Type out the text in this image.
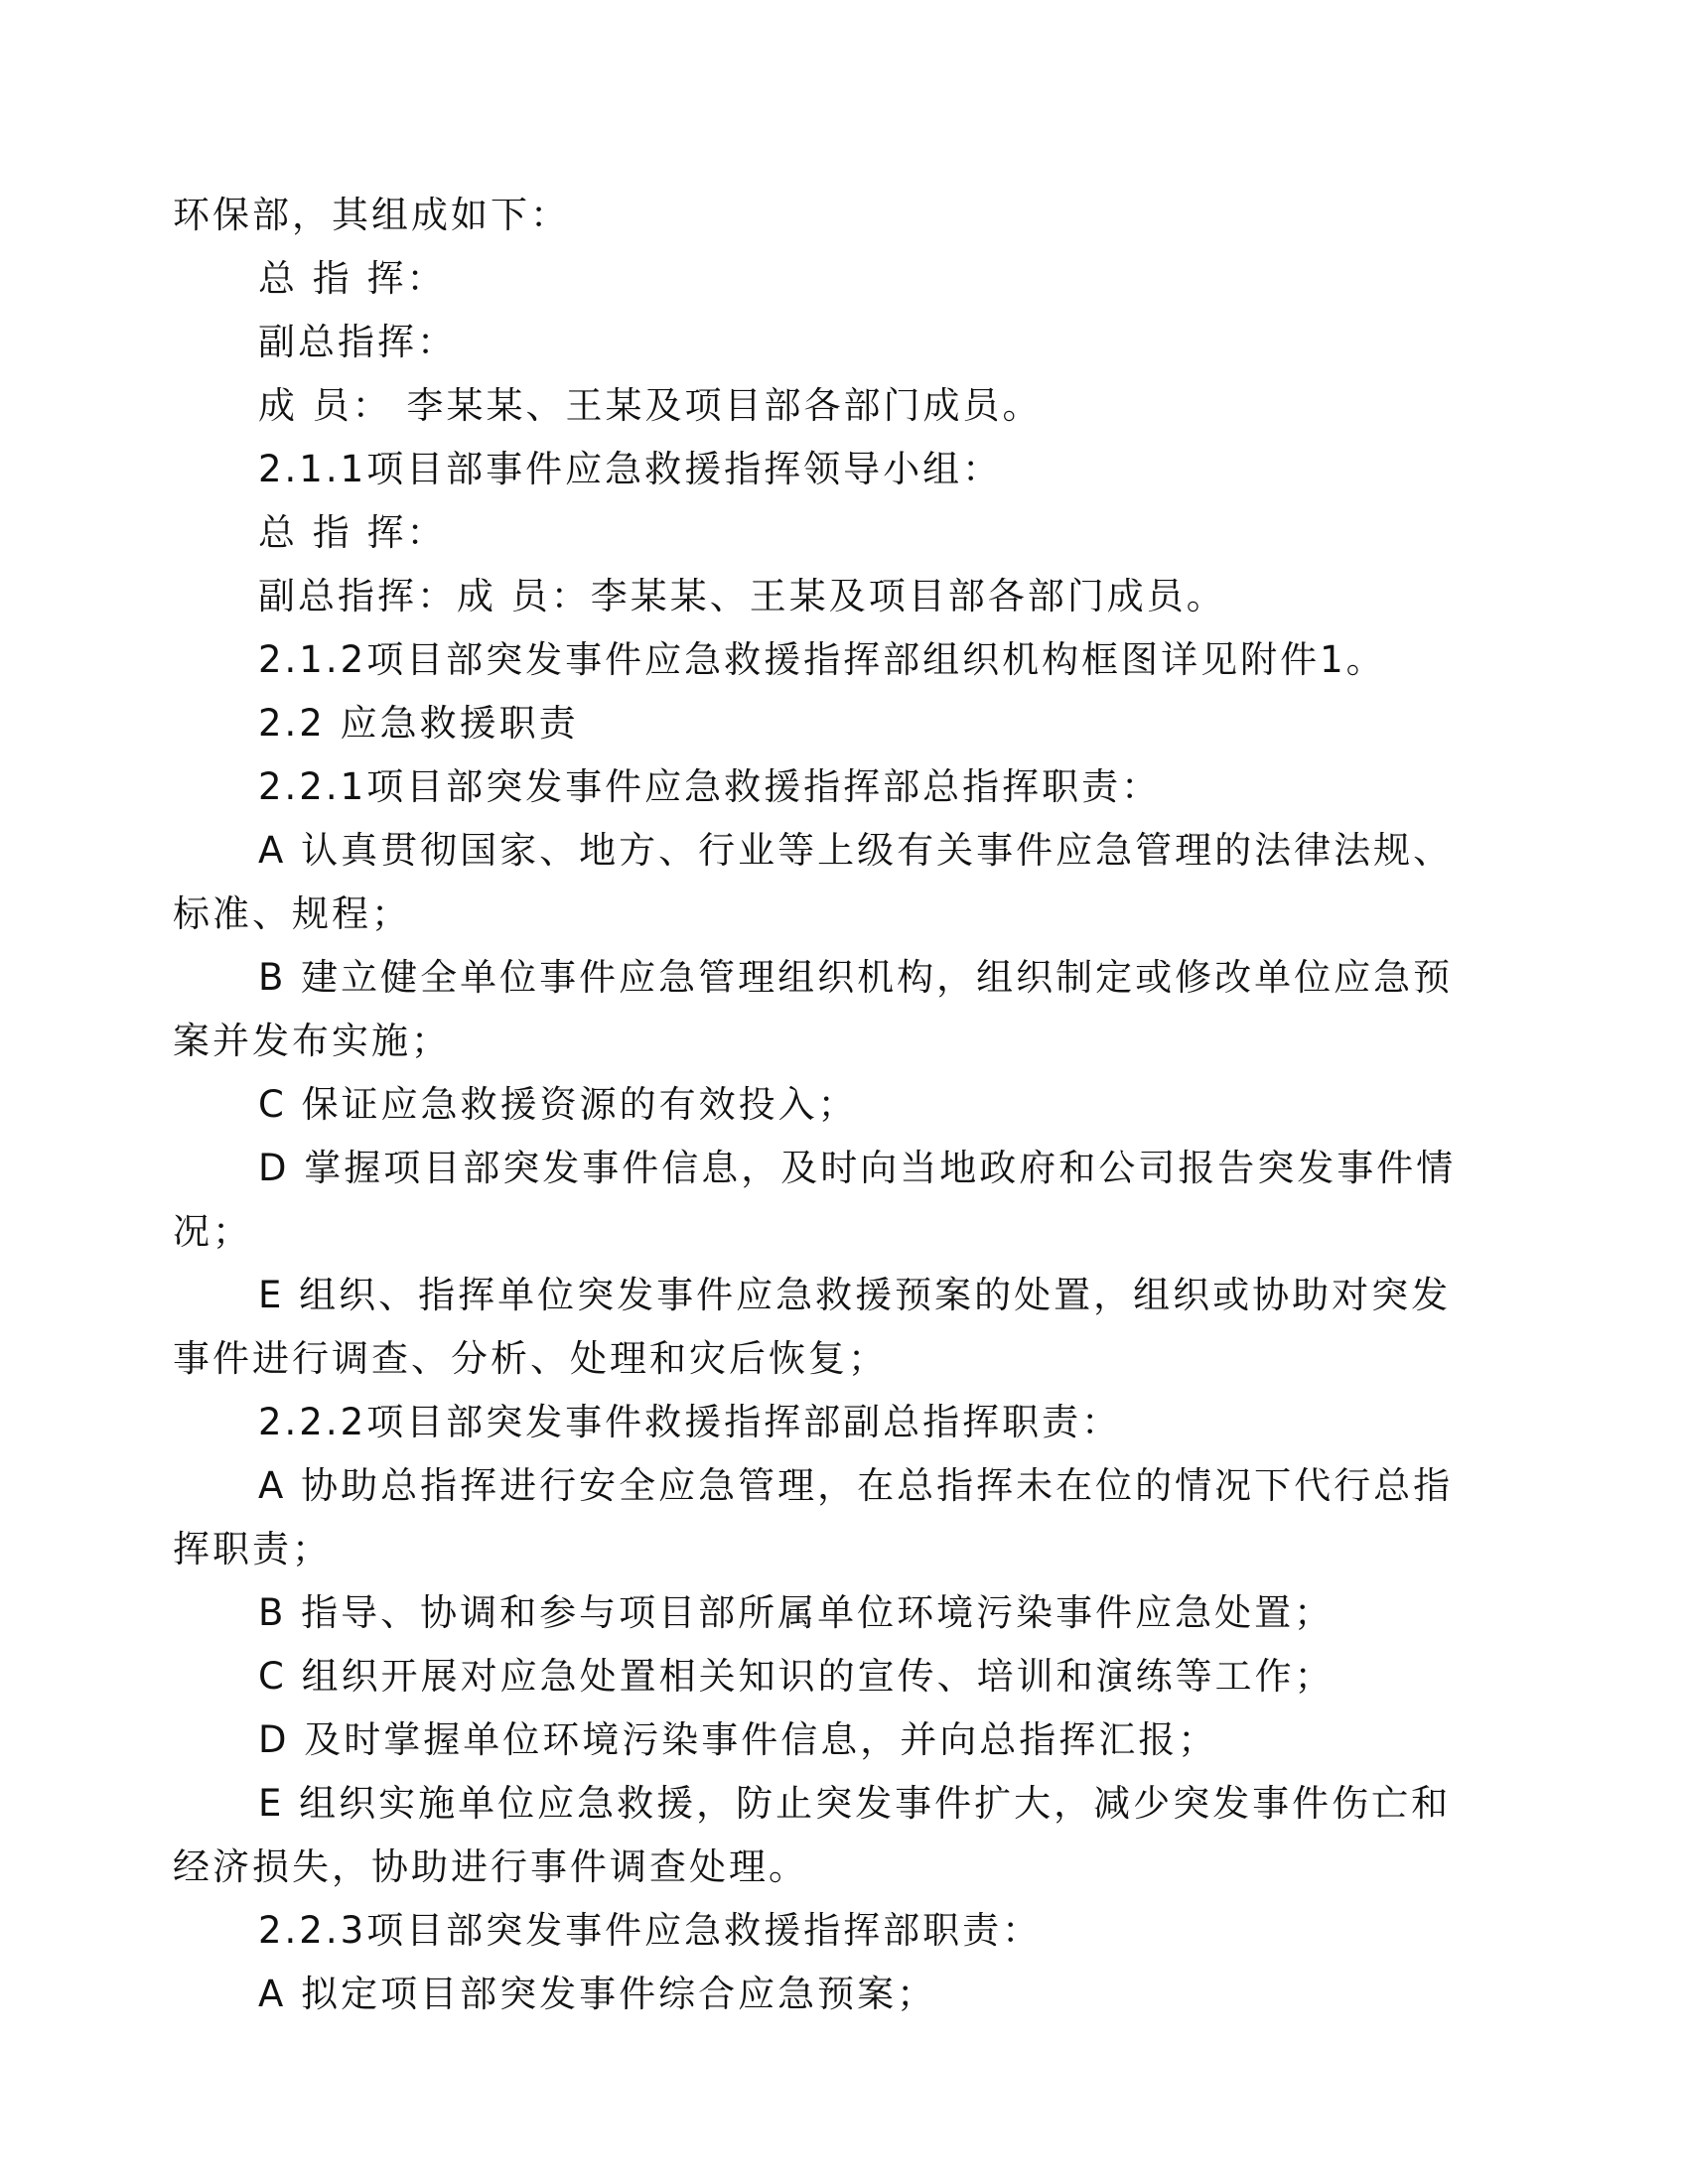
环保部，其组成如下：

总 指 挥：

副总指挥：

成 员： 李某某、王某及项目部各部门成员。

2.1.1项目部事件应急救援指挥领导小组：

总 指 挥：

副总指挥：成 员：李某某、王某及项目部各部门成员。

2.1.2项目部突发事件应急救援指挥部组织机构框图详见附件1。

2.2 应急救援职责

2.2.1项目部突发事件应急救援指挥部总指挥职责：

A 认真贯彻国家、地方、行业等上级有关事件应急管理的法律法规、

标准、规程；

B 建立健全单位事件应急管理组织机构，组织制定或修改单位应急预

案并发布实施；

C 保证应急救援资源的有效投入；

D 掌握项目部突发事件信息，及时向当地政府和公司报告突发事件情

况；

E 组织、指挥单位突发事件应急救援预案的处置，组织或协助对突发

事件进行调查、分析、处理和灾后恢复；

2.2.2项目部突发事件救援指挥部副总指挥职责：

A 协助总指挥进行安全应急管理，在总指挥未在位的情况下代行总指

挥职责；

B 指导、协调和参与项目部所属单位环境污染事件应急处置；

C 组织开展对应急处置相关知识的宣传、培训和演练等工作；

D 及时掌握单位环境污染事件信息，并向总指挥汇报；

E 组织实施单位应急救援，防止突发事件扩大，减少突发事件伤亡和

经济损失，协助进行事件调查处理。

2.2.3项目部突发事件应急救援指挥部职责：

A 拟定项目部突发事件综合应急预案；
